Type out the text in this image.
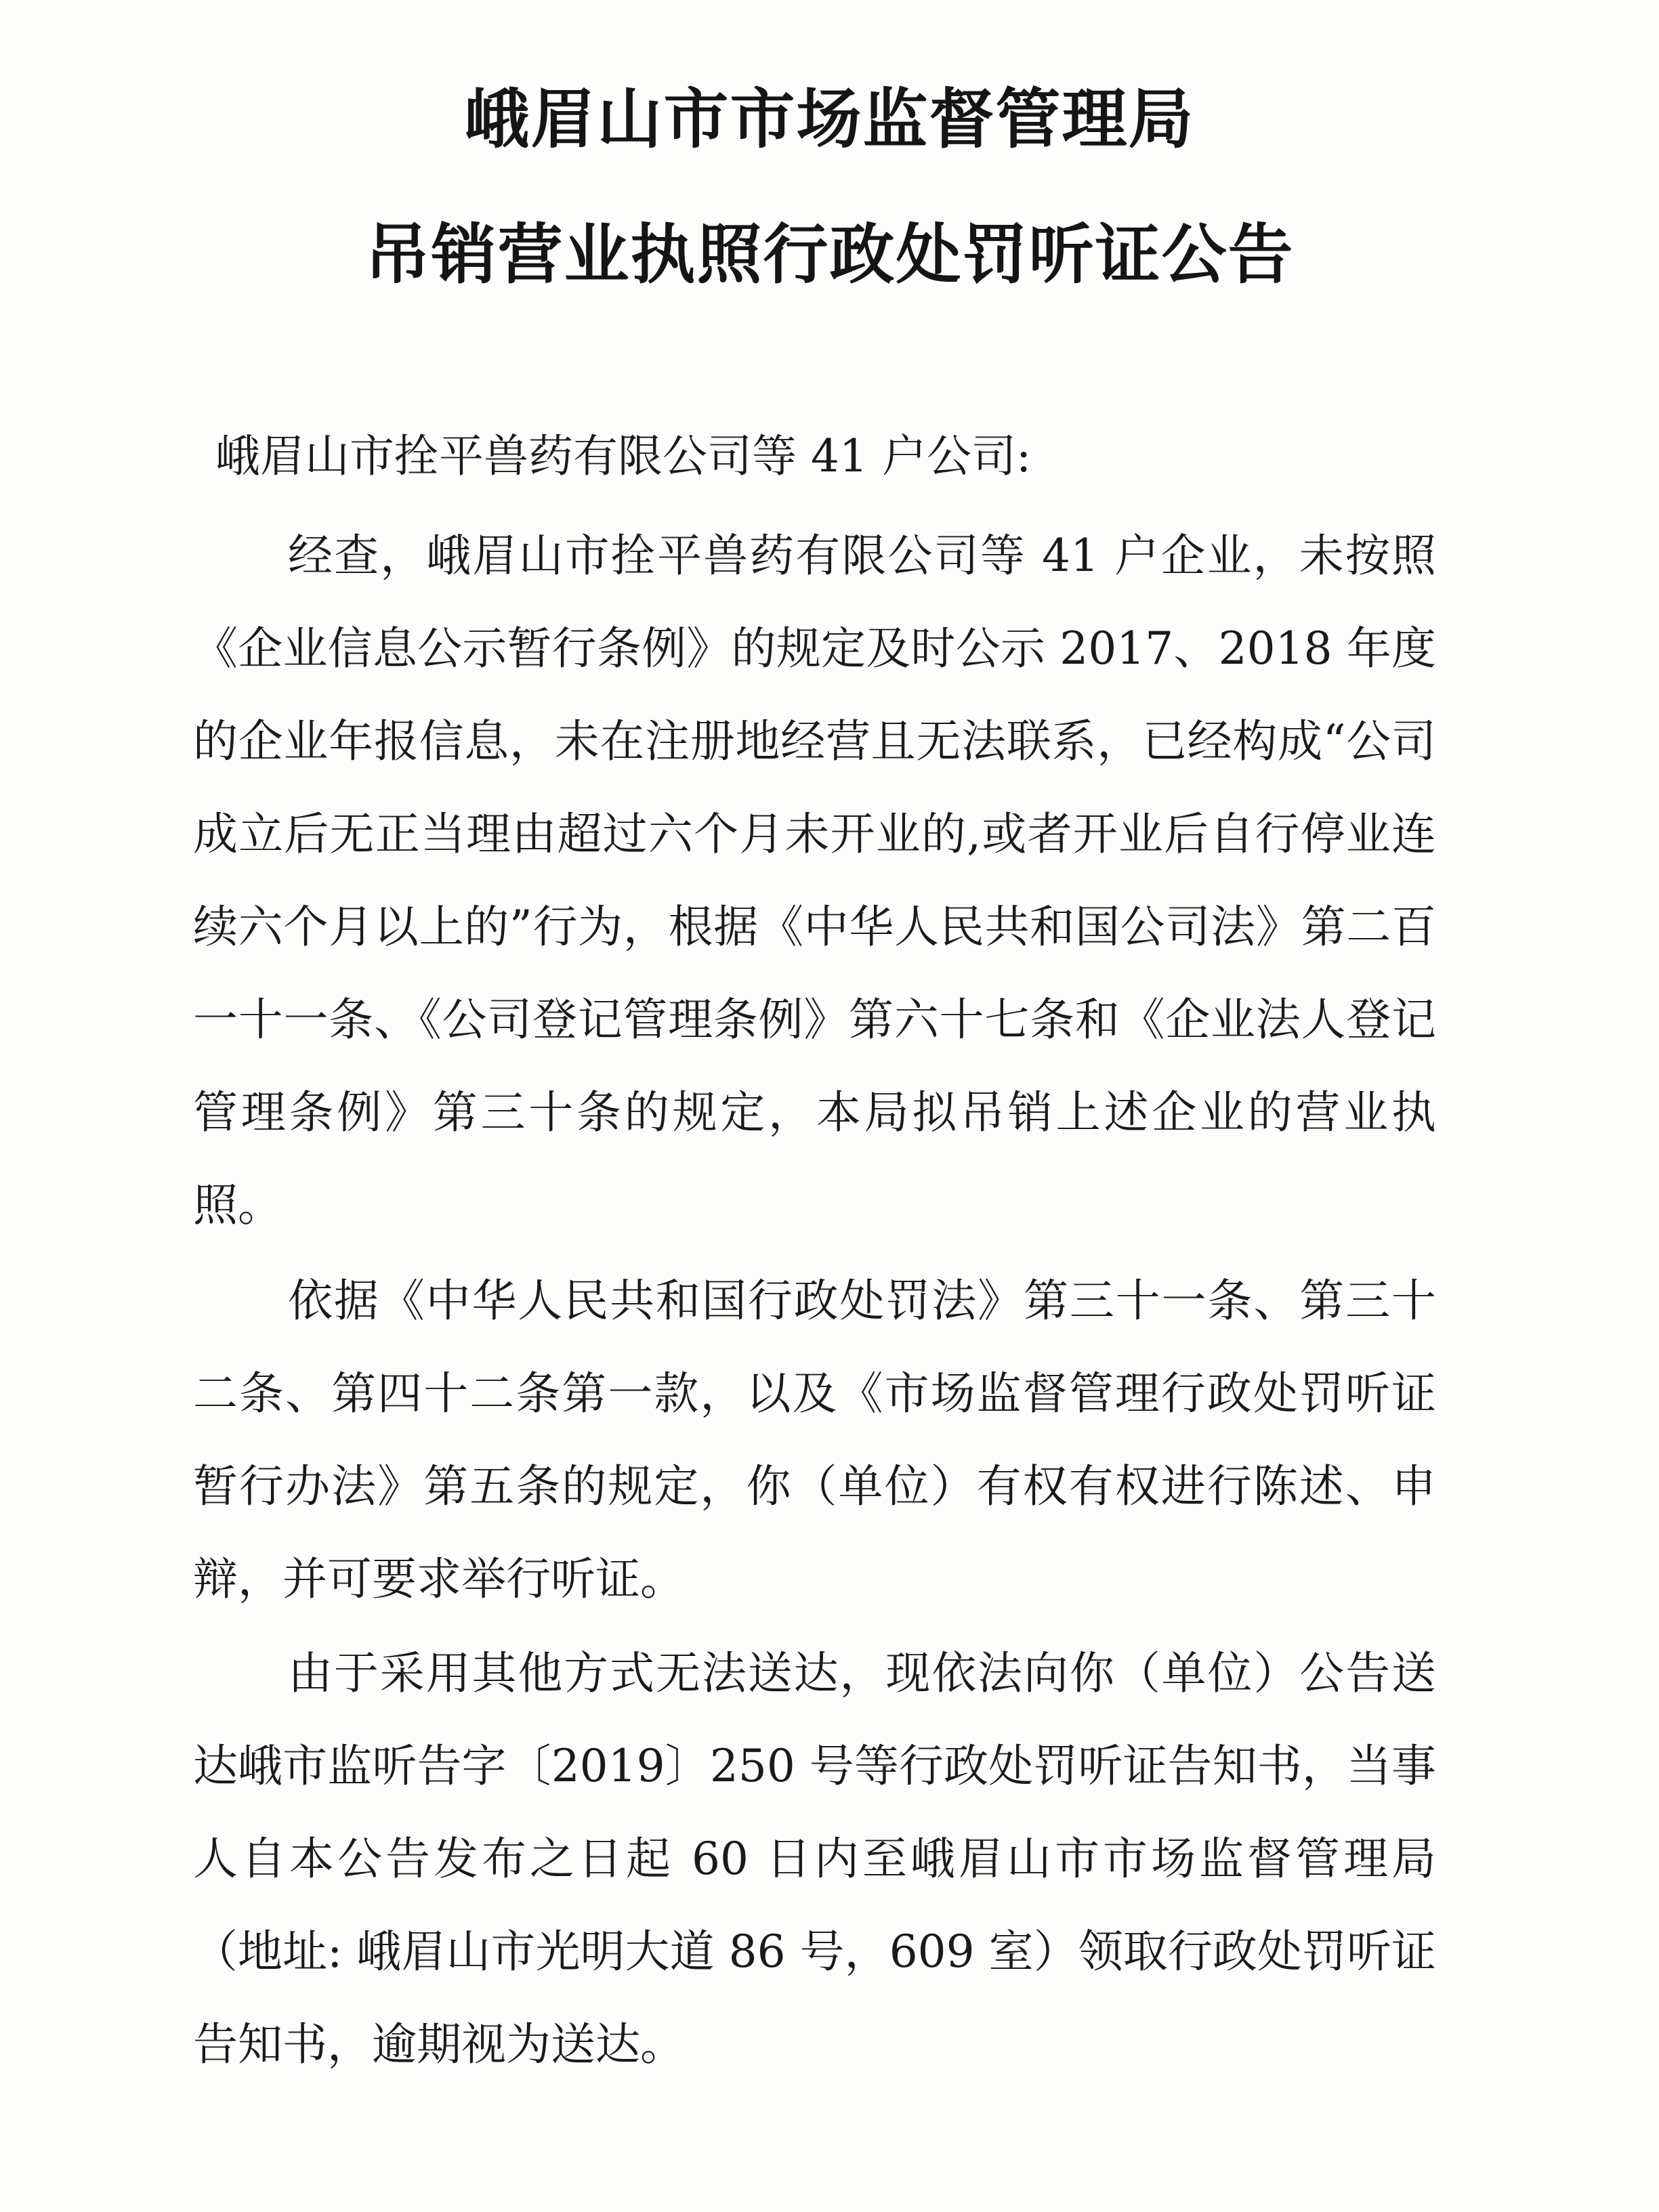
峨眉山市市场监督管理局
吊销营业执照行政处罚听证公告
峨眉山市拴平兽药有限公司等 41 户公司:

经查，峨眉山市拴平兽药有限公司等 41 户企业，未按照《企业信息公示暂行条例》的规定及时公示 2017、2018 年度的企业年报信息，未在注册地经营且无法联系，已经构成“公司成立后无正当理由超过六个月未开业的,或者开业后自行停业连续六个月以上的”行为，根据《中华人民共和国公司法》第二百一十一条、《公司登记管理条例》第六十七条和《企业法人登记管理条例》第三十条的规定，本局拟吊销上述企业的营业执照。

依据《中华人民共和国行政处罚法》第三十一条、第三十二条、第四十二条第一款，以及《市场监督管理行政处罚听证暂行办法》第五条的规定，你（单位）有权有权进行陈述、申辩，并可要求举行听证。

由于采用其他方式无法送达，现依法向你（单位）公告送达峨市监听告字〔2019〕250 号等行政处罚听证告知书，当事人自本公告发布之日起 60 日内至峨眉山市市场监督管理局（地址: 峨眉山市光明大道 86 号，609 室）领取行政处罚听证告知书，逾期视为送达。
